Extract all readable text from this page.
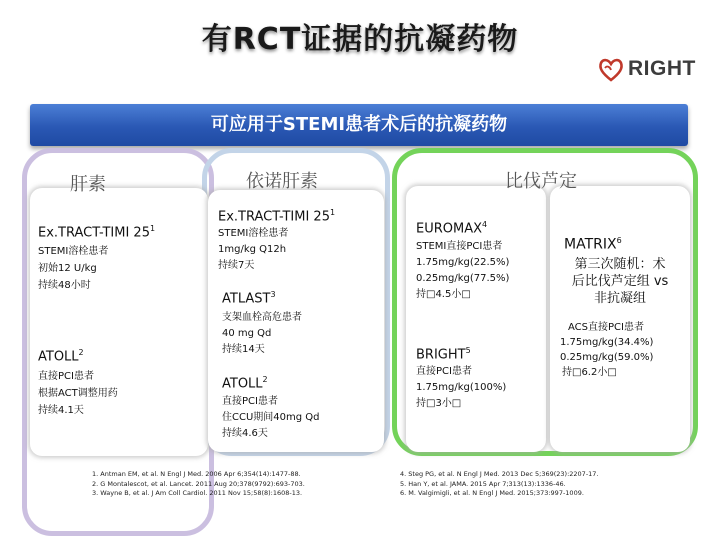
有RCT证据的抗凝药物
RIGHT
可应用于STEMI患者术后的抗凝药物
肝素	依诺肝素	比伐芦定
Ex.TRACT-TIMI $25^1$
STEMI溶栓患者
初始12 U/kg
持续48小时
ATOLL$^2$
直接PCI患者
根据ACT调整用药
持续4.1天
Ex.TRACT-TIMI $25^1$
STEMI溶栓患者
1mg/kg Q12h
持续7天
ATLAST$^3$
支架血栓高危患者
40 mg Qd
持续14天
ATOLL$^2$
直接PCI患者
住CCU期间40mg Qd
持续4.6天
EUROMAX$^4$
STEMI直接PCI患者
1.75mg/kg(22.5%)
0.25mg/kg(77.5%)
持□4.5小□
BRIGHT$^5$
直接PCI患者
1.75mg/kg(100%)
持□3小□
MATRIX$^6$
第三次随机：术
后比伐芦定组 vs
非抗凝组
ACS直接PCI患者
1.75mg/kg(34.4%)
0.25mg/kg(59.0%)
持□6.2小□
1. Antman EM, et al. N Engl J Med. 2006 Apr 6;354(14):1477-88.
2. G Montalescot, et al. Lancet. 2011 Aug 20;378(9792):693-703.
3. Wayne B, et al. J Am Coll Cardiol. 2011 Nov 15;58(8):1608-13.
4. Steg PG, et al. N Engl J Med. 2013 Dec 5;369(23):2207-17.
5. Han Y, et al. JAMA. 2015 Apr 7;313(13):1336-46.
6. M. Valgimigli, et al. N Engl J Med. 2015;373:997-1009.
